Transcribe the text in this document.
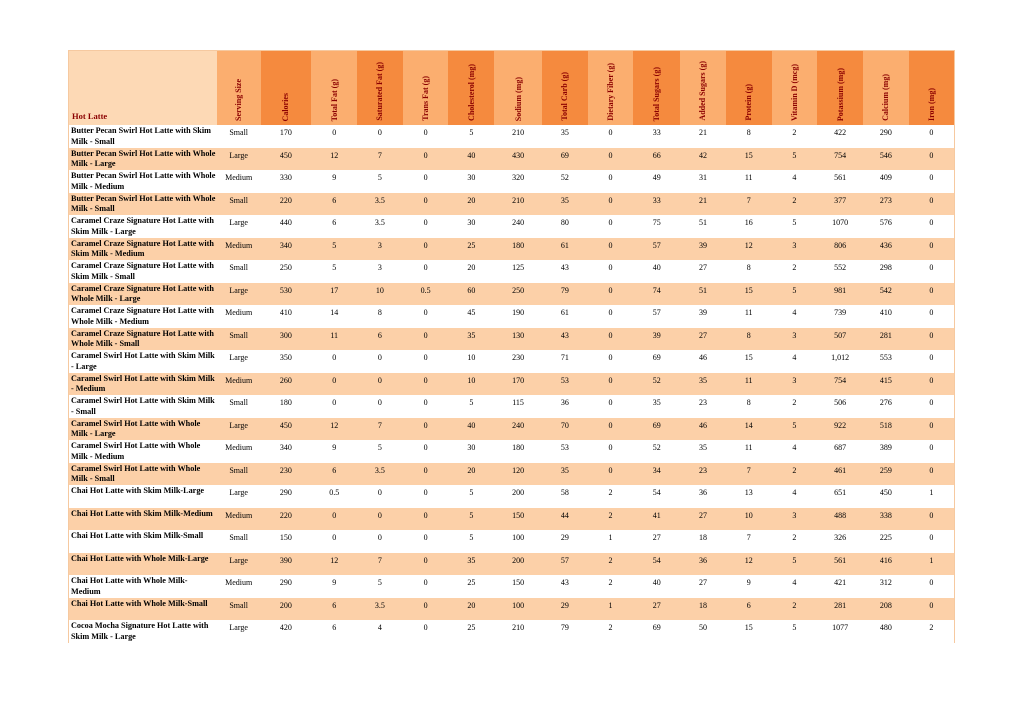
Hot Latte	Serving Size	Calories	Total Fat (g)	Saturated Fat (g)	Trans Fat (g)	Cholesterol (mg)	Sodium (mg)	Total Carb (g)	Dietary Fiber (g)	Total Sugars (g)	Added Sugars (g)	Protein (g)	Vitamin D (mcg)	Potassium (mg)	Calcium (mg)	Iron (mg)
Butter Pecan Swirl Hot Latte with Skim Milk - Small	Small	170	0	0	0	5	210	35	0	33	21	8	2	422	290	0
Butter Pecan Swirl Hot Latte with Whole Milk - Large	Large	450	12	7	0	40	430	69	0	66	42	15	5	754	546	0
Butter Pecan Swirl Hot Latte with Whole Milk - Medium	Medium	330	9	5	0	30	320	52	0	49	31	11	4	561	409	0
Butter Pecan Swirl Hot Latte with Whole Milk - Small	Small	220	6	3.5	0	20	210	35	0	33	21	7	2	377	273	0
Caramel Craze Signature Hot Latte with Skim Milk - Large	Large	440	6	3.5	0	30	240	80	0	75	51	16	5	1070	576	0
Caramel Craze Signature Hot Latte with Skim Milk - Medium	Medium	340	5	3	0	25	180	61	0	57	39	12	3	806	436	0
Caramel Craze Signature Hot Latte with Skim Milk - Small	Small	250	5	3	0	20	125	43	0	40	27	8	2	552	298	0
Caramel Craze Signature Hot Latte with Whole Milk - Large	Large	530	17	10	0.5	60	250	79	0	74	51	15	5	981	542	0
Caramel Craze Signature Hot Latte with Whole Milk - Medium	Medium	410	14	8	0	45	190	61	0	57	39	11	4	739	410	0
Caramel Craze Signature Hot Latte with Whole Milk - Small	Small	300	11	6	0	35	130	43	0	39	27	8	3	507	281	0
Caramel Swirl Hot Latte with Skim Milk - Large	Large	350	0	0	0	10	230	71	0	69	46	15	4	1,012	553	0
Caramel Swirl Hot Latte with Skim Milk - Medium	Medium	260	0	0	0	10	170	53	0	52	35	11	3	754	415	0
Caramel Swirl Hot Latte with Skim Milk - Small	Small	180	0	0	0	5	115	36	0	35	23	8	2	506	276	0
Caramel Swirl Hot Latte with Whole Milk - Large	Large	450	12	7	0	40	240	70	0	69	46	14	5	922	518	0
Caramel Swirl Hot Latte with Whole Milk - Medium	Medium	340	9	5	0	30	180	53	0	52	35	11	4	687	389	0
Caramel Swirl Hot Latte with Whole Milk - Small	Small	230	6	3.5	0	20	120	35	0	34	23	7	2	461	259	0
Chai Hot Latte with Skim Milk-Large	Large	290	0.5	0	0	5	200	58	2	54	36	13	4	651	450	1
Chai Hot Latte with Skim Milk-Medium	Medium	220	0	0	0	5	150	44	2	41	27	10	3	488	338	0
Chai Hot Latte with Skim Milk-Small	Small	150	0	0	0	5	100	29	1	27	18	7	2	326	225	0
Chai Hot Latte with Whole Milk-Large	Large	390	12	7	0	35	200	57	2	54	36	12	5	561	416	1
Chai Hot Latte with Whole Milk-Medium	Medium	290	9	5	0	25	150	43	2	40	27	9	4	421	312	0
Chai Hot Latte with Whole Milk-Small	Small	200	6	3.5	0	20	100	29	1	27	18	6	2	281	208	0
Cocoa Mocha Signature Hot Latte with Skim Milk - Large	Large	420	6	4	0	25	210	79	2	69	50	15	5	1077	480	2
